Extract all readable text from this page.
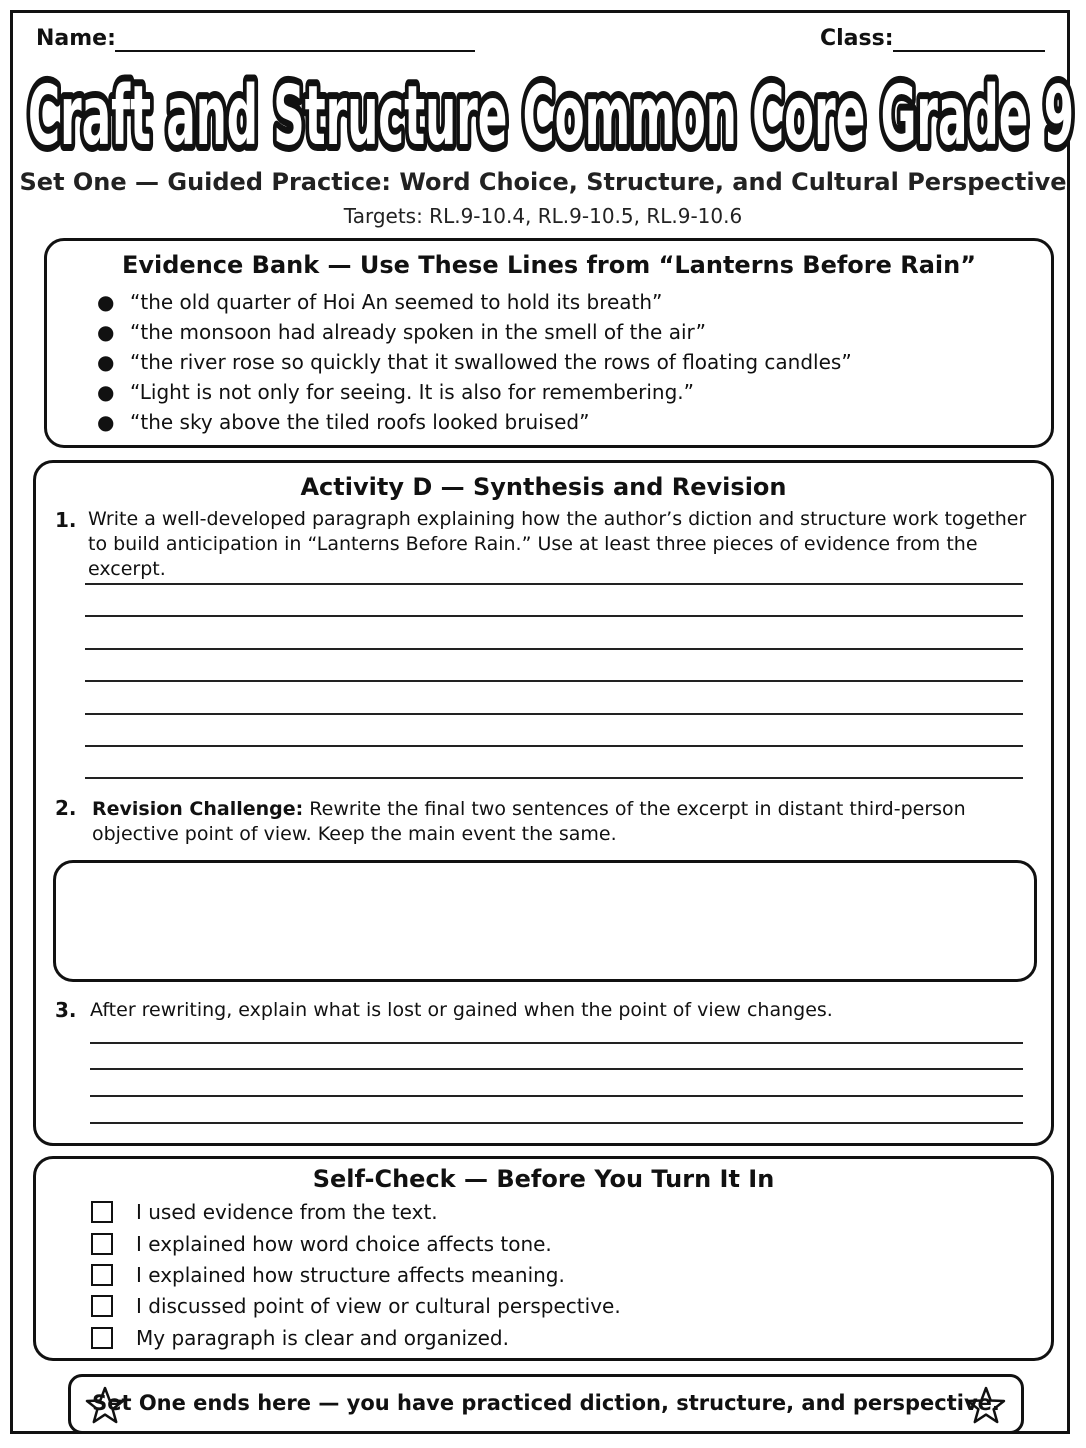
Name:	Class:
Craft and Structure Common Core Grade 9
Craft and Structure Common Core Grade 9
Set One — Guided Practice: Word Choice, Structure, and Cultural Perspective
Targets: RL.9-10.4, RL.9-10.5, RL.9-10.6
Evidence Bank — Use These Lines from “Lanterns Before Rain”
● “the old quarter of Hoi An seemed to hold its breath”
● “the monsoon had already spoken in the smell of the air”
● “the river rose so quickly that it swallowed the rows of floating candles”
● “Light is not only for seeing. It is also for remembering.”
● “the sky above the tiled roofs looked bruised”
Activity D — Synthesis and Revision
1. Write a well-developed paragraph explaining how the author’s diction and structure work together
to build anticipation in “Lanterns Before Rain.” Use at least three pieces of evidence from the excerpt.
2. Revision Challenge: Rewrite the final two sentences of the excerpt in distant third-person
objective point of view. Keep the main event the same.
3. After rewriting, explain what is lost or gained when the point of view changes.
Self-Check — Before You Turn It In
I used evidence from the text.
I explained how word choice affects tone.
I explained how structure affects meaning.
I discussed point of view or cultural perspective.
My paragraph is clear and organized.
Set One ends here — you have practiced diction, structure, and perspective.
